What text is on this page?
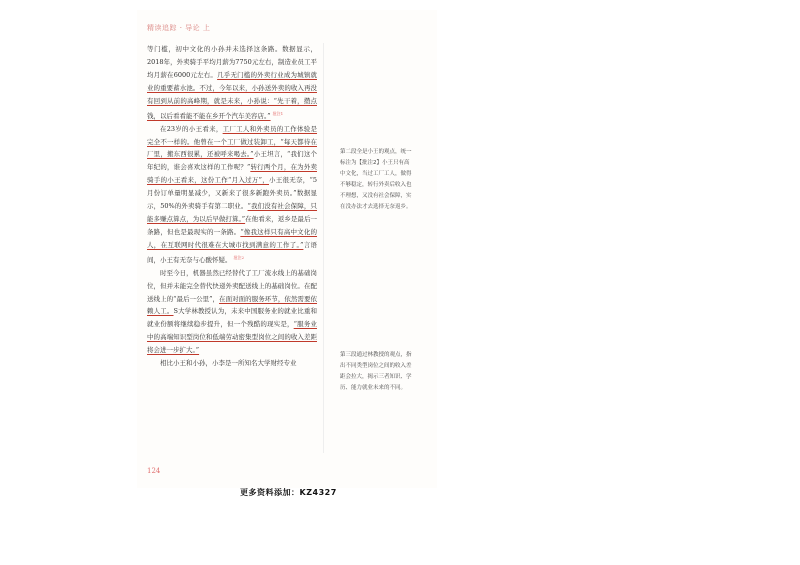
精读追踪 · 导论 上

等门槛，初中文化的小孙并未选择这条路。数据显示，2018年，外卖骑手平均月薪为7750元左右，制造业员工平均月薪在6000元左右。几乎无门槛的外卖行业成为城镇就业的重要蓄水池。不过，今年以来，小孙送外卖的收入再没有回到从前的高峰期，就是未来，小孙说：“先干着，攒点钱，以后看看能不能在乡开个汽车美容店。” $^{批注1}$

在23岁的小王看来，工厂工人和外卖员的工作体验是完全不一样的。他曾在一个工厂做过装卸工，“每天都待在厂里，搬东西很累，还被呼来喝去。”小王坦言，“我们这个年纪的，谁会喜欢这样的工作呢？”转行两个月，在为外卖骑手的小王看来，这份工作“月入过万”，小王很无奈，“5月份订单量明显减少，又新来了很多新跑外卖员。”数据显示，50%的外卖骑手有第二职业。“我们没有社会保障，只能多赚点算点，为以后早做打算。”在他看来，返乡是最后一条路，但也是最现实的一条路。“像我这样只有高中文化的人，在互联网时代很难在大城市找到满意的工作了。”言语间，小王有无奈与心酸怀疑。 $^{批注2}$

时至今日，机器虽然已经替代了工厂流水线上的基础岗位，但并未能完全替代快递外卖配送线上的基础岗位。在配送线上的“最后一公里”，在面对面的服务环节，依然需要依赖人工。S大学林教授认为，未来中国服务业的就业比重和就业份额将继续稳步提升，但一个残酷的现实是，“服务业中的高端知识型岗位和低端劳动密集型岗位之间的收入差距将会进一步扩大。”

相比小王和小孙，小李是一所知名大学财经专业

第二段全是小王的观点，统一标注为【批注2】小王只有高中文化，当过工厂工人，做得不够稳定，转行外卖后收入也不理想，又没有社会保障，实在没办法才去选择无奈返乡。
第三段通过林教授的观点，指出不同类型岗位之间的收入差距会拉大，揭示三者知识、学历、能力就业未来的不同。
124
更多资料添加：KZ4327
